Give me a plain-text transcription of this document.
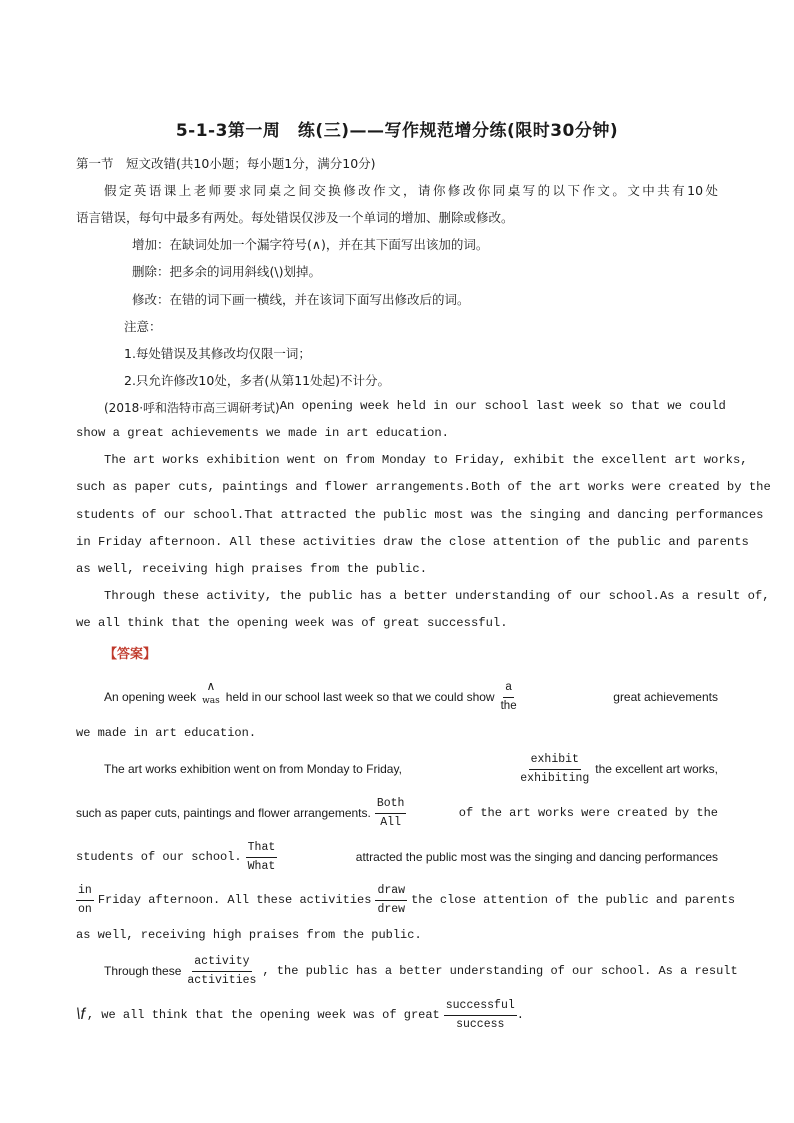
5-1-3第一周　练(三)——写作规范增分练(限时30分钟)
第一节　短文改错(共10小题；每小题1分，满分10分)
假定英语课上老师要求同桌之间交换修改作文，请你修改你同桌写的以下作文。文中共有10处
语言错误，每句中最多有两处。每处错误仅涉及一个单词的增加、删除或修改。
增加：在缺词处加一个漏字符号(∧)，并在其下面写出该加的词。
删除：把多余的词用斜线(\)划掉。
修改：在错的词下画一横线，并在该词下面写出修改后的词。
注意：
1.每处错误及其修改均仅限一词；
2.只允许修改10处，多者(从第11处起)不计分。
(2018·呼和浩特市高三调研考试) An opening week held in our school last week so that we could
show a great achievements we made in art education.
The art works exhibition went on from Monday to Friday, exhibit the excellent art works,
such as paper cuts, paintings and flower arrangements.Both of the art works were created by the
students of our school.That attracted the public most was the singing and dancing performances
in Friday afternoon. All these activities draw the close attention of the public and parents
as well, receiving high praises from the public.
Through these activity, the public has a better understanding of our school.As a result of,
we all think that the opening week was of great successful.
【答案】
An opening week
∧
was held in our school last week so that we could show $\frac{a}{\text{the}}$	great achievements
we made in art education.
The art works exhibition went on from Monday to Friday,	$\frac{\text{exhibit}}{\text{exhibiting}}$ the excellent art works,
such as paper cuts, paintings and flower arrangements. $\frac{\text{Both}}{\text{All}}$	of the art works were created by the
students of our school. $\frac{\text{That}}{\text{What}}$	attracted the public most was the singing and dancing performances
$\frac{in}{on}$ Friday afternoon. All these activities $\frac{\text{draw}}{\text{drew}}$ the close attention of the public and parents
as well, receiving high praises from the public.
Through these $\frac{\text{activity}}{\text{activities}}$ , the public has a better understanding of our school. As a result
\f , we all think that the opening week was of great $\frac{\text{successful}}{\text{success}}$ .
